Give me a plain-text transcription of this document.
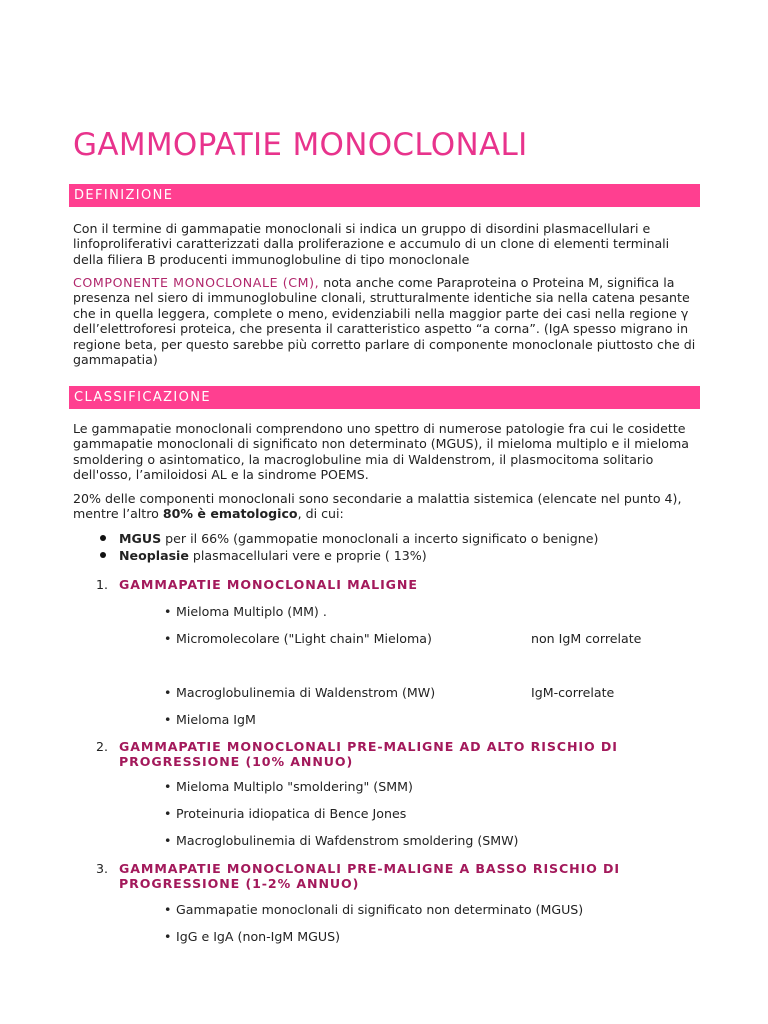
GAMMOPATIE MONOCLONALI
DEFINIZIONE

Con il termine di gammapatie monoclonali si indica un gruppo di disordini plasmacellulari e linfoproliferativi caratterizzati dalla proliferazione e accumulo di un clone di elementi terminali della filiera B producenti immunoglobuline di tipo monoclonale

COMPONENTE MONOCLONALE (CM), nota anche come Paraproteina o Proteina M, significa la presenza nel siero di immunoglobuline clonali, strutturalmente identiche sia nella catena pesante che in quella leggera, complete o meno, evidenziabili nella maggior parte dei casi nella regione γ dell’elettroforesi proteica, che presenta il caratteristico aspetto “a corna”. (IgA spesso migrano in regione beta, per questo sarebbe più corretto parlare di componente monoclonale piuttosto che di gammapatia)

CLASSIFICAZIONE

Le gammapatie monoclonali comprendono uno spettro di numerose patologie fra cui le cosidette gammapatie monoclonali di significato non determinato (MGUS), il mieloma multiplo e il mieloma smoldering o asintomatico, la macroglobuline mia di Waldenstrom, il plasmocitoma solitario dell'osso, l’amiloidosi AL e la sindrome POEMS.

20% delle componenti monoclonali sono secondarie a malattia sistemica (elencate nel punto 4), mentre l’altro 80% è ematologico, di cui:

MGUS per il 66% (gammopatie monoclonali a incerto significato o benigne)
Neoplasie plasmacellulari vere e proprie ( 13%)
1. GAMMAPATIE MONOCLONALI MALIGNE

• Mieloma Multiplo (MM) .
• Micromolecolare ("Light chain" Mieloma)	non IgM correlate
• Macroglobulinemia di Waldenstrom (MW)	IgM-correlate
• Mieloma IgM
2. GAMMAPATIE MONOCLONALI PRE-MALIGNE AD ALTO RISCHIO DI PROGRESSIONE (10% ANNUO)

• Mieloma Multiplo "smoldering" (SMM)
• Proteinuria idiopatica di Bence Jones
• Macroglobulinemia di Wafdenstrom smoldering (SMW)
3. GAMMAPATIE MONOCLONALI PRE-MALIGNE A BASSO RISCHIO DI PROGRESSIONE (1-2% ANNUO)

• Gammapatie monoclonali di significato non determinato (MGUS)
• IgG e IgA (non-IgM MGUS)
